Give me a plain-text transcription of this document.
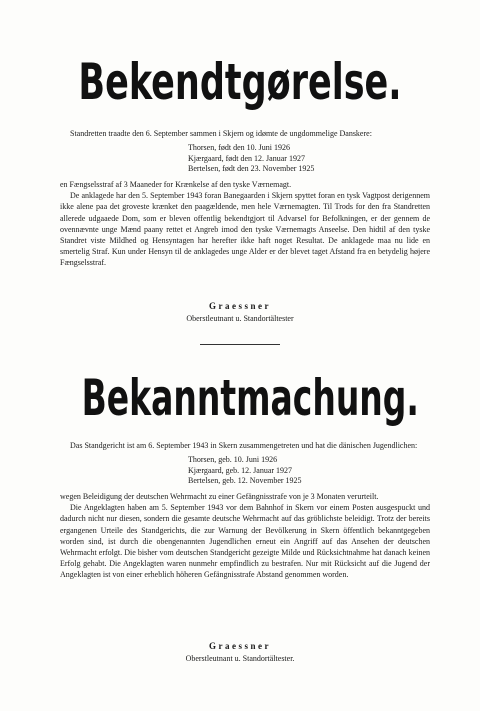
Bekendtgørelse.

Standretten traadte den 6. September sammen i Skjern og idømte de ungdommelige Danskere:

Thorsen, født den 10. Juni 1926
Kjærgaard, født den 12. Januar 1927
Bertelsen, født den 23. November 1925

en Fængselsstraf af 3 Maaneder for Krænkelse af den tyske Værnemagt.

De anklagede har den 5. September 1943 foran Banegaarden i Skjern spyttet foran en tysk Vagtpost derigennem ikke alene paa det groveste krænket den paagældende, men hele Værnemagten. Til Trods for den fra Standretten allerede udgaaede Dom, som er bleven offentlig bekendtgjort til Advarsel for Befolkningen, er der gennem de ovennævnte unge Mænd paany rettet et Angreb imod den tyske Værnemagts Anseelse. Den hidtil af den tyske Standret viste Mildhed og Hensyntagen har herefter ikke haft noget Resultat. De anklagede maa nu lide en smertelig Straf. Kun under Hensyn til de anklagedes unge Alder er der blevet taget Afstand fra en betydelig højere Fængselsstraf.

Graessner
Oberstleutnant u. Standortältester
Bekanntmachung.

Das Standgericht ist am 6. September 1943 in Skern zusammengetreten und hat die dänischen Jugendlichen:

Thorsen, geb. 10. Juni 1926
Kjærgaard, geb. 12. Januar 1927
Bertelsen, geb. 12. November 1925

wegen Beleidigung der deutschen Wehrmacht zu einer Gefängnisstrafe von je 3 Monaten verurteilt.

Die Angeklagten haben am 5. September 1943 vor dem Bahnhof in Skern vor einem Posten ausgespuckt und dadurch nicht nur diesen, sondern die gesamte deutsche Wehrmacht auf das gröblichste beleidigt. Trotz der bereits ergangenen Urteile des Standgerichts, die zur Warnung der Bevölkerung in Skern öffentlich bekanntgegeben worden sind, ist durch die obengenannten Jugendlichen erneut ein Angriff auf das Ansehen der deutschen Wehrmacht erfolgt. Die bisher vom deutschen Standgericht gezeigte Milde und Rücksichtnahme hat danach keinen Erfolg gehabt. Die Angeklagten waren nunmehr empfindlich zu bestrafen. Nur mit Rücksicht auf die Jugend der Angeklagten ist von einer erheblich höheren Gefängnisstrafe Abstand genommen worden.

Graessner
Oberstleutnant u. Standortältester.
